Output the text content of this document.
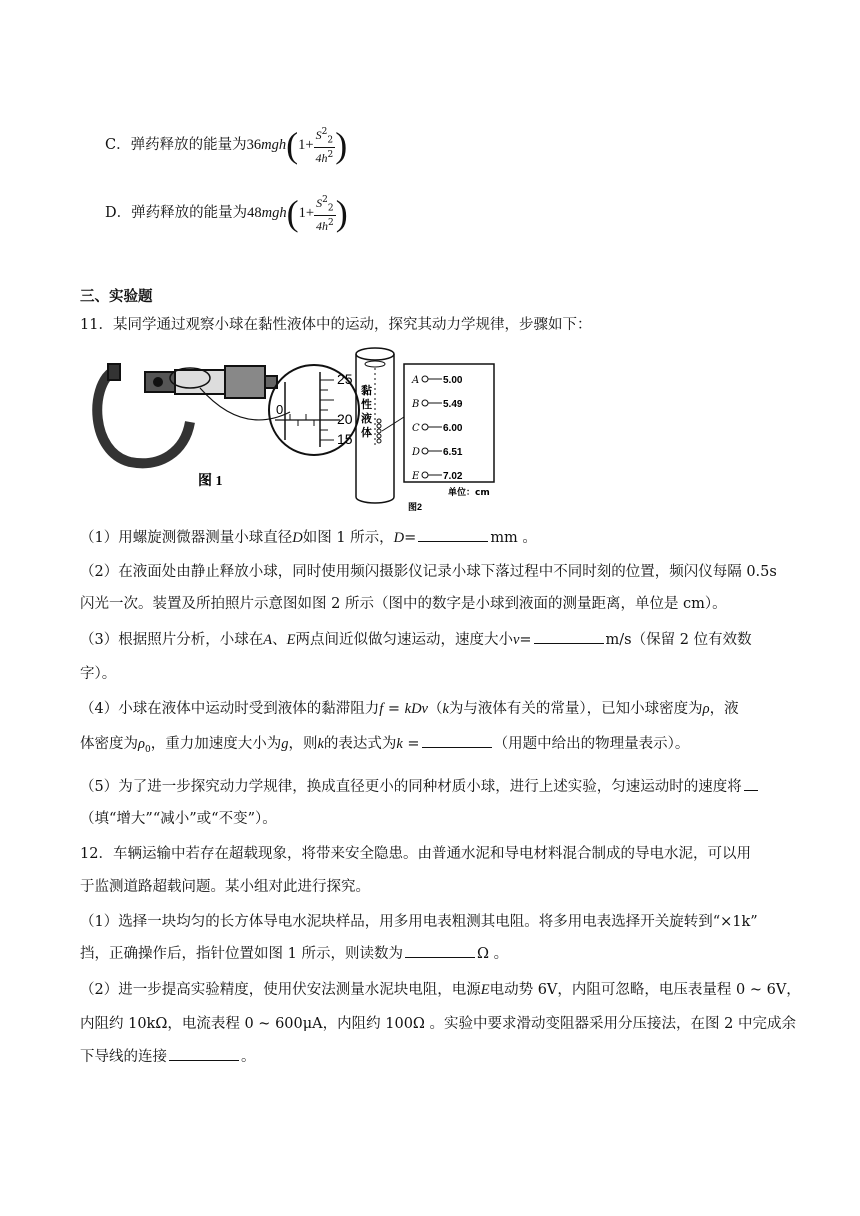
C．弹药释放的能量为$36mgh(1+ \frac{S^2_2}{4h^2}$ )
D．弹药释放的能量为$48mgh(1+ \frac{S^2_2}{4h^2}$ )
三、实验题
11．某同学通过观察小球在黏性液体中的运动，探究其动力学规律，步骤如下：
0
25
20
15
图 1
黏
性
液
体
A 5.00
B 5.49
C 6.00
D 6.51
E 7.02
单位：cm
图2
（1）用螺旋测微器测量小球直径D如图 1 所示，D=	mm 。
（2）在液面处由静止释放小球，同时使用频闪摄影仪记录小球下落过程中不同时刻的位置，频闪仪每隔 0.5s
闪光一次。装置及所拍照片示意图如图 2 所示（图中的数字是小球到液面的测量距离，单位是 cm）。
（3）根据照片分析，小球在A、E两点间近似做匀速运动，速度大小v=	m/s（保留 2 位有效数
字）。
（4）小球在液体中运动时受到液体的黏滞阻力f = kDv（k为与液体有关的常量），已知小球密度为ρ，液
体密度为$\rho_0$，重力加速度大小为g，则k的表达式为k =	（用题中给出的物理量表示）。
（5）为了进一步探究动力学规律，换成直径更小的同种材质小球，进行上述实验，匀速运动时的速度将
（填“增大”“减小”或“不变”）。
12．车辆运输中若存在超载现象，将带来安全隐患。由普通水泥和导电材料混合制成的导电水泥，可以用
于监测道路超载问题。某小组对此进行探究。
（1）选择一块均匀的长方体导电水泥块样品，用多用电表粗测其电阻。将多用电表选择开关旋转到“×1k”
挡，正确操作后，指针位置如图 1 所示，则读数为	Ω 。
（2）进一步提高实验精度，使用伏安法测量水泥块电阻，电源E电动势 6V，内阻可忽略，电压表量程 0 ~ 6V，
内阻约 10kΩ，电流表程 0 ~ 600μA，内阻约 100Ω 。实验中要求滑动变阻器采用分压接法，在图 2 中完成余
下导线的连接	。
